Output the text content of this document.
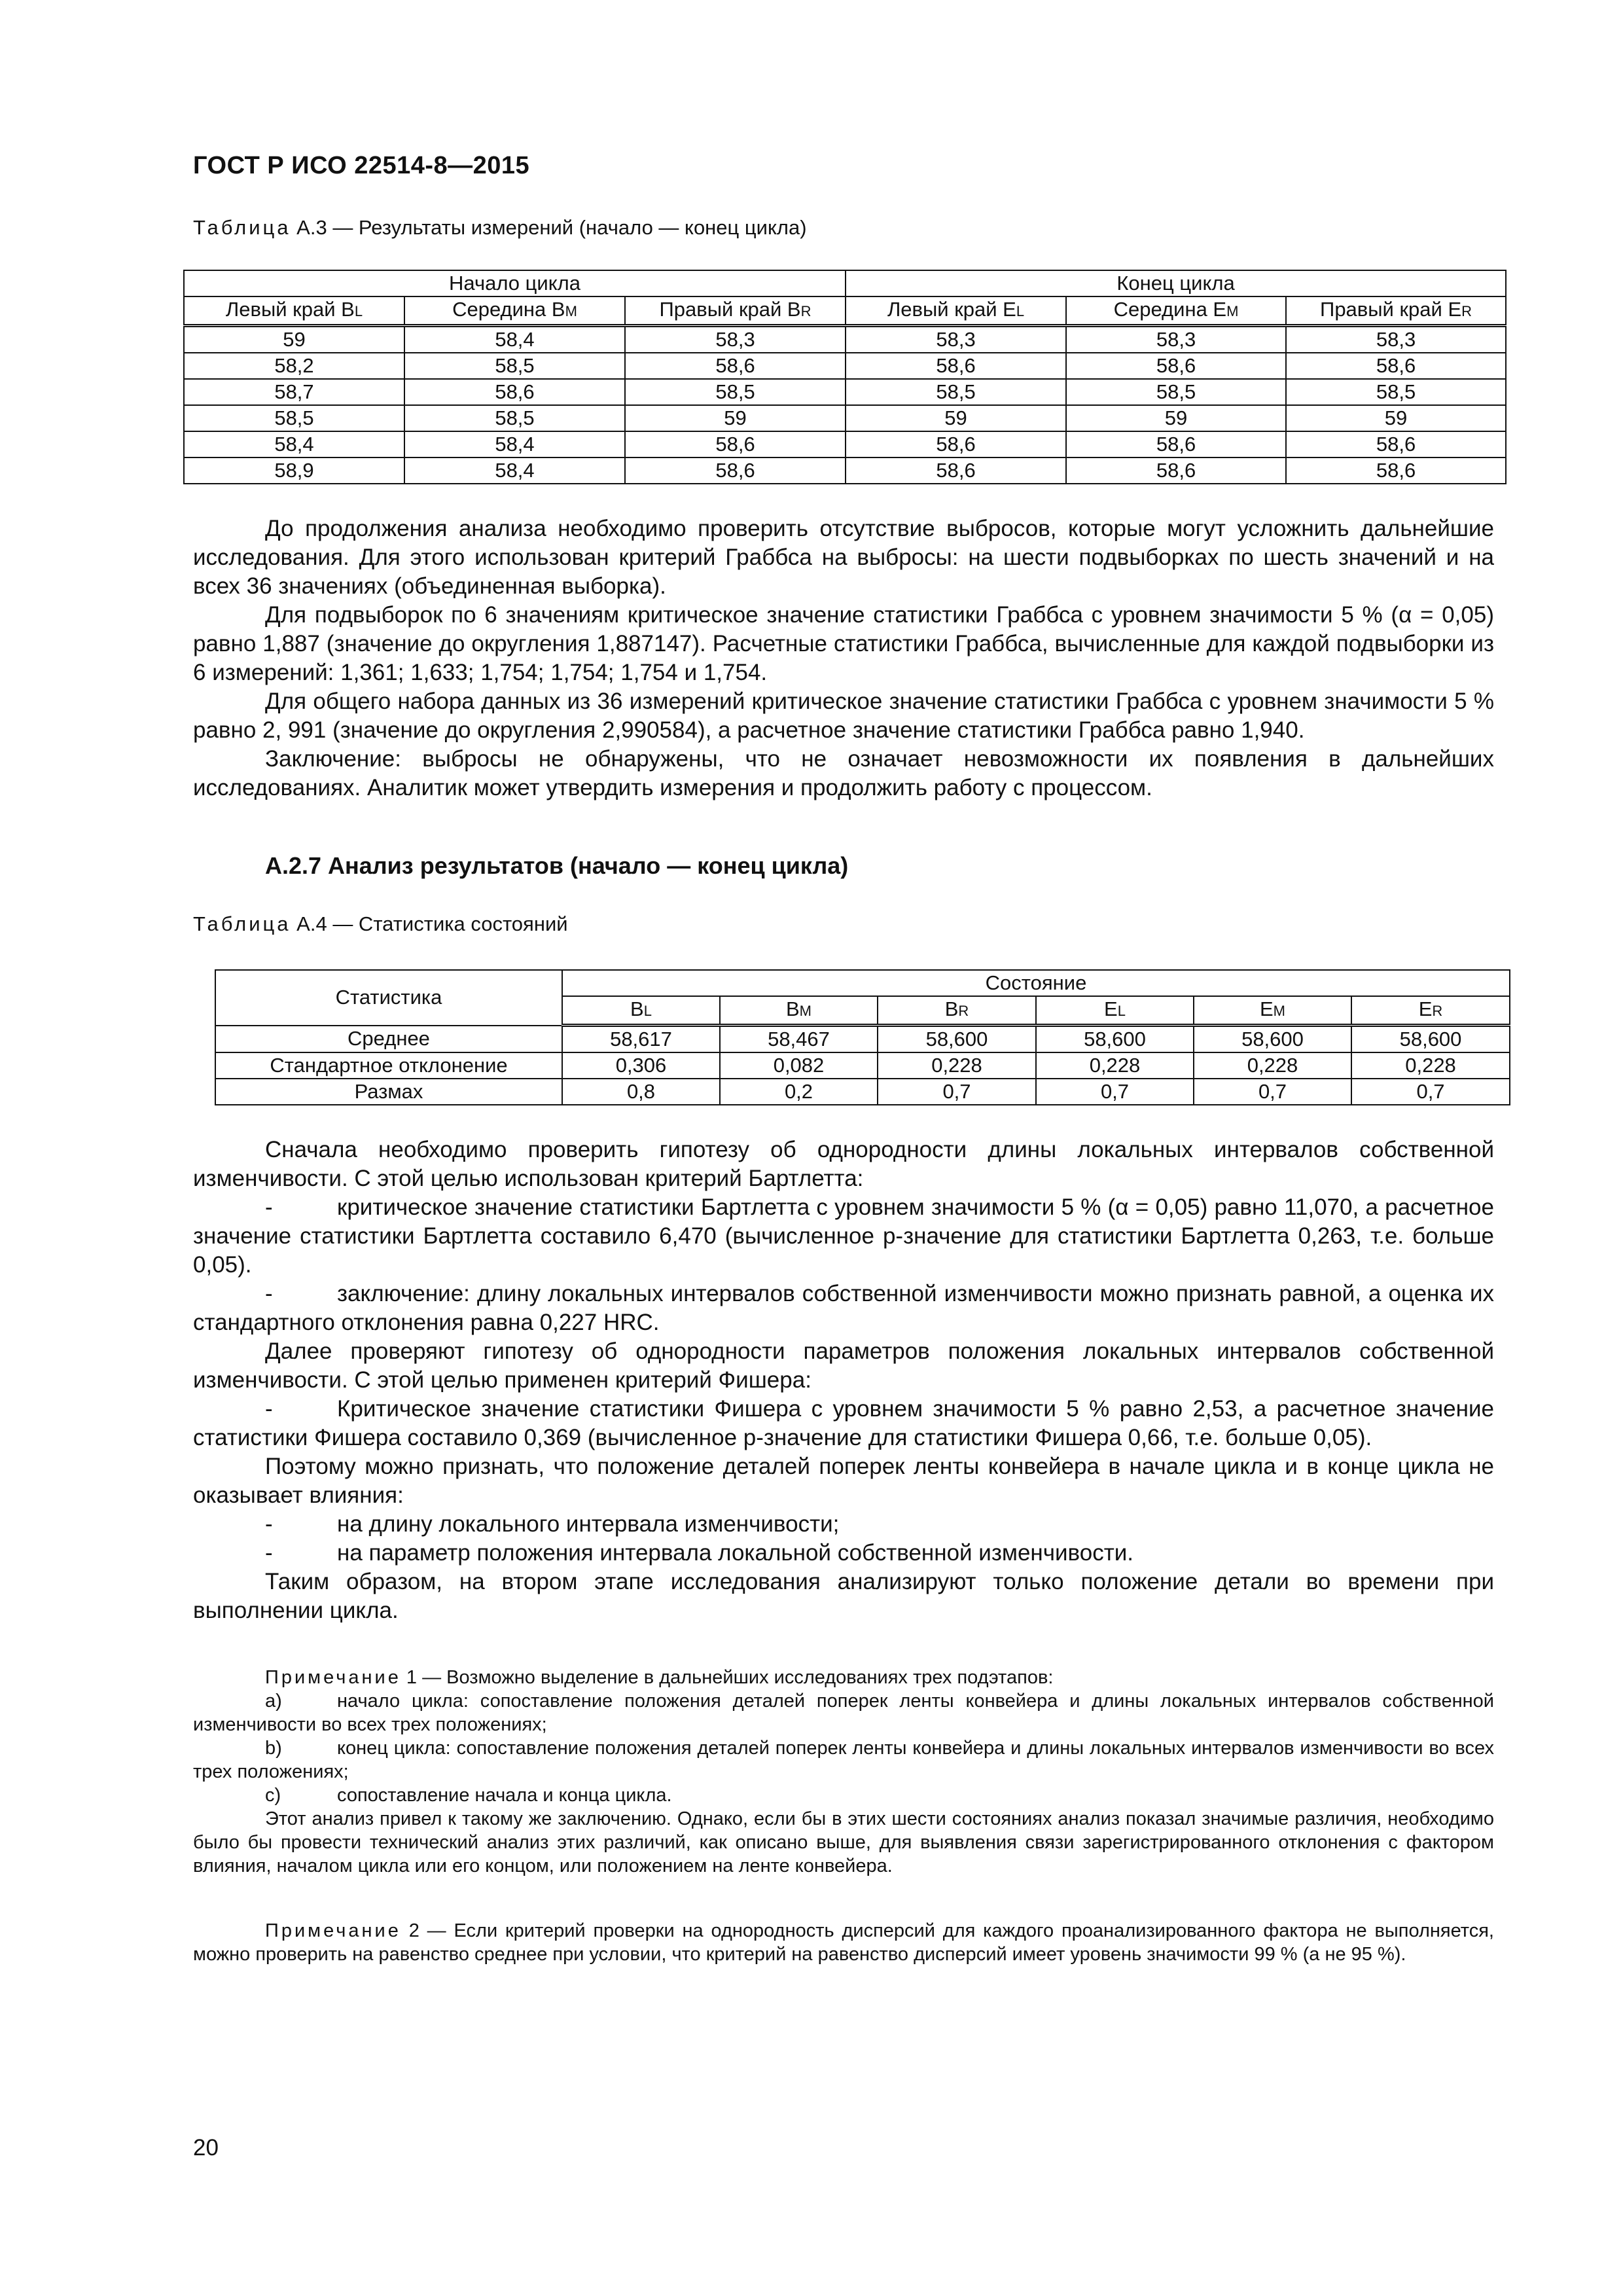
ГОСТ Р ИСО 22514-8—2015
Таблица А.3 — Результаты измерений (начало — конец цикла)
Начало цикла			Конец цикла		
Левый край BL	Середина BM	Правый край BR	Левый край EL	Середина EM	Правый край ER
59	58,4	58,3	58,3	58,3	58,3
58,2	58,5	58,6	58,6	58,6	58,6
58,7	58,6	58,5	58,5	58,5	58,5
58,5	58,5	59	59	59	59
58,4	58,4	58,6	58,6	58,6	58,6
58,9	58,4	58,6	58,6	58,6	58,6

До продолжения анализа необходимо проверить отсутствие выбросов, которые могут усложнить дальнейшие исследования. Для этого использован критерий Граббса на выбросы: на шести подвыборках по шесть значений и на всех 36 значениях (объединенная выборка).

Для подвыборок по 6 значениям критическое значение статистики Граббса с уровнем значимости 5 % (α = 0,05) равно 1,887 (значение до округления 1,887147). Расчетные статистики Граббса, вычисленные для каждой подвыборки из 6 измерений: 1,361; 1,633; 1,754; 1,754; 1,754 и 1,754.

Для общего набора данных из 36 измерений критическое значение статистики Граббса с уровнем значимости 5 % равно 2, 991 (значение до округления 2,990584), а расчетное значение статистики Граббса равно 1,940.

Заключение: выбросы не обнаружены, что не означает невозможности их появления в дальнейших исследованиях. Аналитик может утвердить измерения и продолжить работу с процессом.

А.2.7 Анализ результатов (начало — конец цикла)
Таблица А.4 — Статистика состояний
Статистика	Состояние					
	BL	BM	BR	EL	EM	ER
Среднее	58,617	58,467	58,600	58,600	58,600	58,600
Стандартное отклонение	0,306	0,082	0,228	0,228	0,228	0,228
Размах	0,8	0,2	0,7	0,7	0,7	0,7

Сначала необходимо проверить гипотезу об однородности длины локальных интервалов собственной изменчивости. С этой целью использован критерий Бартлетта:

-	критическое значение статистики Бартлетта с уровнем значимости 5 % (α = 0,05) равно 11,070, а расчетное значение статистики Бартлетта составило 6,470 (вычисленное p-значение для статистики Бартлетта 0,263, т.е. больше 0,05).

-	заключение: длину локальных интервалов собственной изменчивости можно признать равной, а оценка их стандартного отклонения равна 0,227 HRC.

Далее проверяют гипотезу об однородности параметров положения локальных интервалов собственной изменчивости. С этой целью применен критерий Фишера:

-	Критическое значение статистики Фишера с уровнем значимости 5 % равно 2,53, а расчетное значение статистики Фишера составило 0,369 (вычисленное p-значение для статистики Фишера 0,66, т.е. больше 0,05).

Поэтому можно признать, что положение деталей поперек ленты конвейера в начале цикла и в конце цикла не оказывает влияния:

-	на длину локального интервала изменчивости;

-	на параметр положения интервала локальной собственной изменчивости.

Таким образом, на втором этапе исследования анализируют только положение детали во времени при выполнении цикла.

Примечание 1 — Возможно выделение в дальнейших исследованиях трех подэтапов:

a)	начало цикла: сопоставление положения деталей поперек ленты конвейера и длины локальных интервалов собственной изменчивости во всех трех положениях;

b)	конец цикла: сопоставление положения деталей поперек ленты конвейера и длины локальных интервалов изменчивости во всех трех положениях;

c)	сопоставление начала и конца цикла.

Этот анализ привел к такому же заключению. Однако, если бы в этих шести состояниях анализ показал значимые различия, необходимо было бы провести технический анализ этих различий, как описано выше, для выявления связи зарегистрированного отклонения с фактором влияния, началом цикла или его концом, или положением на ленте конвейера.

Примечание 2 — Если критерий проверки на однородность дисперсий для каждого проанализированного фактора не выполняется, можно проверить на равенство среднее при условии, что критерий на равенство дисперсий имеет уровень значимости 99 % (а не 95 %).

20
